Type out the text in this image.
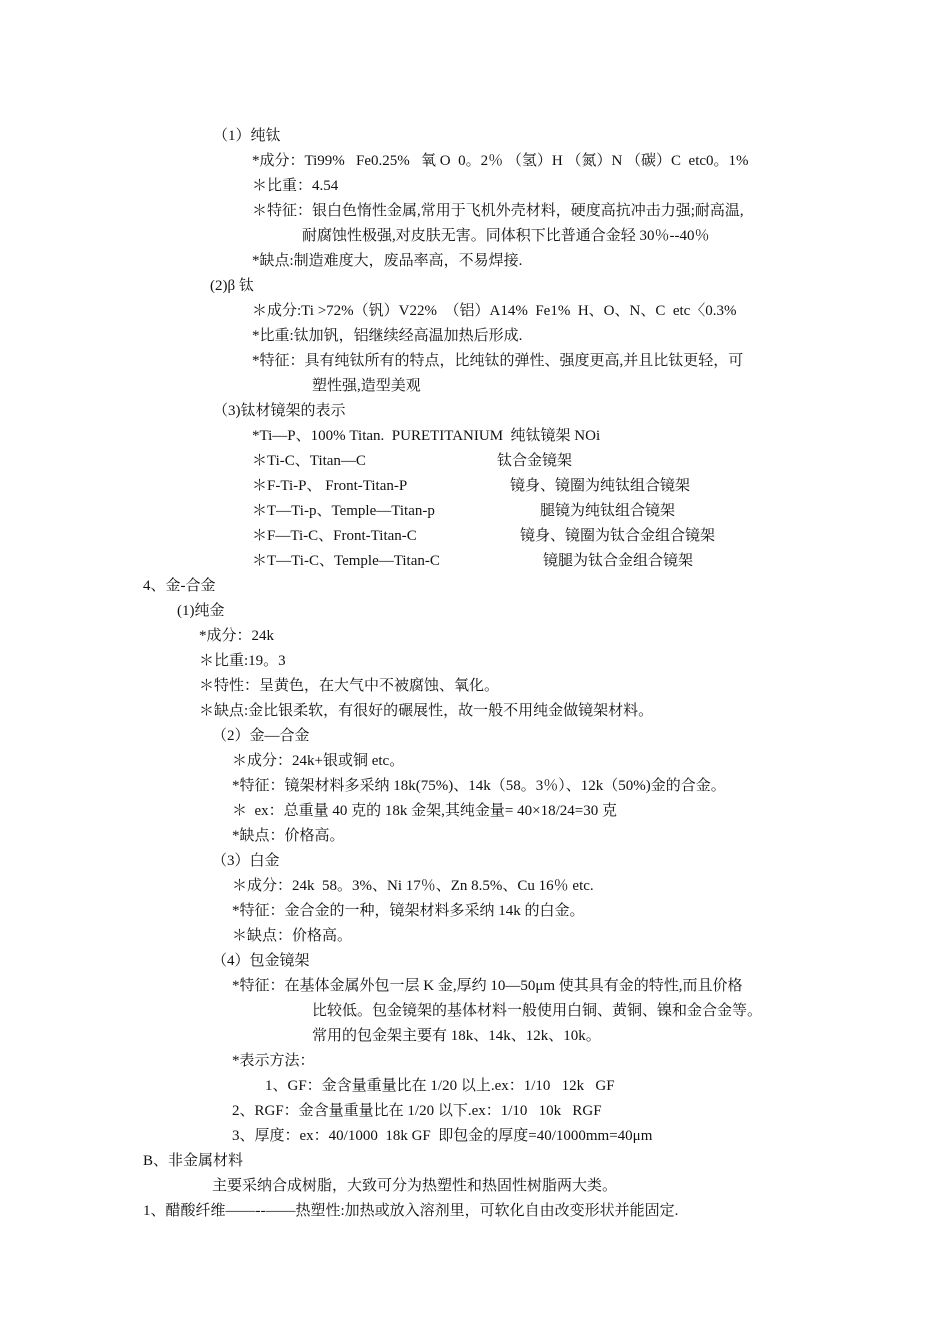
（1）纯钛
*成分：Ti99%   Fe0.25%   氧 O  0。2％ （氢）H （氮）N （碳）C  etc0。1%
＊比重：4.54
＊特征：银白色惰性金属,常用于飞机外壳材料，硬度高抗冲击力强;耐高温,
耐腐蚀性极强,对皮肤无害。同体积下比普通合金轻 30％--40％
*缺点:制造难度大，废品率高，不易焊接.
(2)β 钛
＊成分:Ti >72%（钒）V22%  （铝）A14%  Fe1%  H、O、N、C  etc〈0.3%
*比重:钛加钒，铝继续经高温加热后形成.
*特征：具有纯钛所有的特点，比纯钛的弹性、强度更高,并且比钛更轻，可
塑性强,造型美观
（3)钛材镜架的表示
*Ti—P、100% Titan.  PURETITANIUM  纯钛镜架 NOi
＊Ti-C、Titan—C	钛合金镜架
＊F-Ti-P、 Front-Titan-P	镜身、镜圈为纯钛组合镜架
＊T—Ti-p、Temple—Titan-p	腿镜为纯钛组合镜架
＊F—Ti-C、Front-Titan-C	镜身、镜圈为钛合金组合镜架
＊T—Ti-C、Temple—Titan-C	镜腿为钛合金组合镜架
4、金-合金
(1)纯金
*成分：24k
＊比重:19。3
＊特性：呈黄色，在大气中不被腐蚀、氧化。
＊缺点:金比银柔软，有很好的碾展性，故一般不用纯金做镜架材料。
（2）金—合金
＊成分：24k+银或铜 etc。
*特征：镜架材料多采纳 18k(75%)、14k（58。3％）、12k（50%)金的合金。
＊  ex：总重量 40 克的 18k 金架,其纯金量= 40×18/24=30 克
*缺点：价格高。
（3）白金
＊成分：24k  58。3%、Ni 17％、Zn 8.5%、Cu 16％ etc.
*特征：金合金的一种，镜架材料多采纳 14k 的白金。
＊缺点：价格高。
（4）包金镜架
*特征：在基体金属外包一层 K 金,厚约 10—50μm 使其具有金的特性,而且价格
比较低。包金镜架的基体材料一般使用白铜、黄铜、镍和金合金等。
常用的包金架主要有 18k、14k、12k、10k。
*表示方法：
1、GF：金含量重量比在 1/20 以上.ex：1/10   12k   GF
2、RGF：金含量重量比在 1/20 以下.ex：1/10   10k   RGF
3、厚度：ex：40/1000  18k GF  即包金的厚度=40/1000mm=40μm
B、非金属材料
主要采纳合成树脂，大致可分为热塑性和热固性树脂两大类。
1、醋酸纤维——--——热塑性:加热或放入溶剂里，可软化自由改变形状并能固定.
